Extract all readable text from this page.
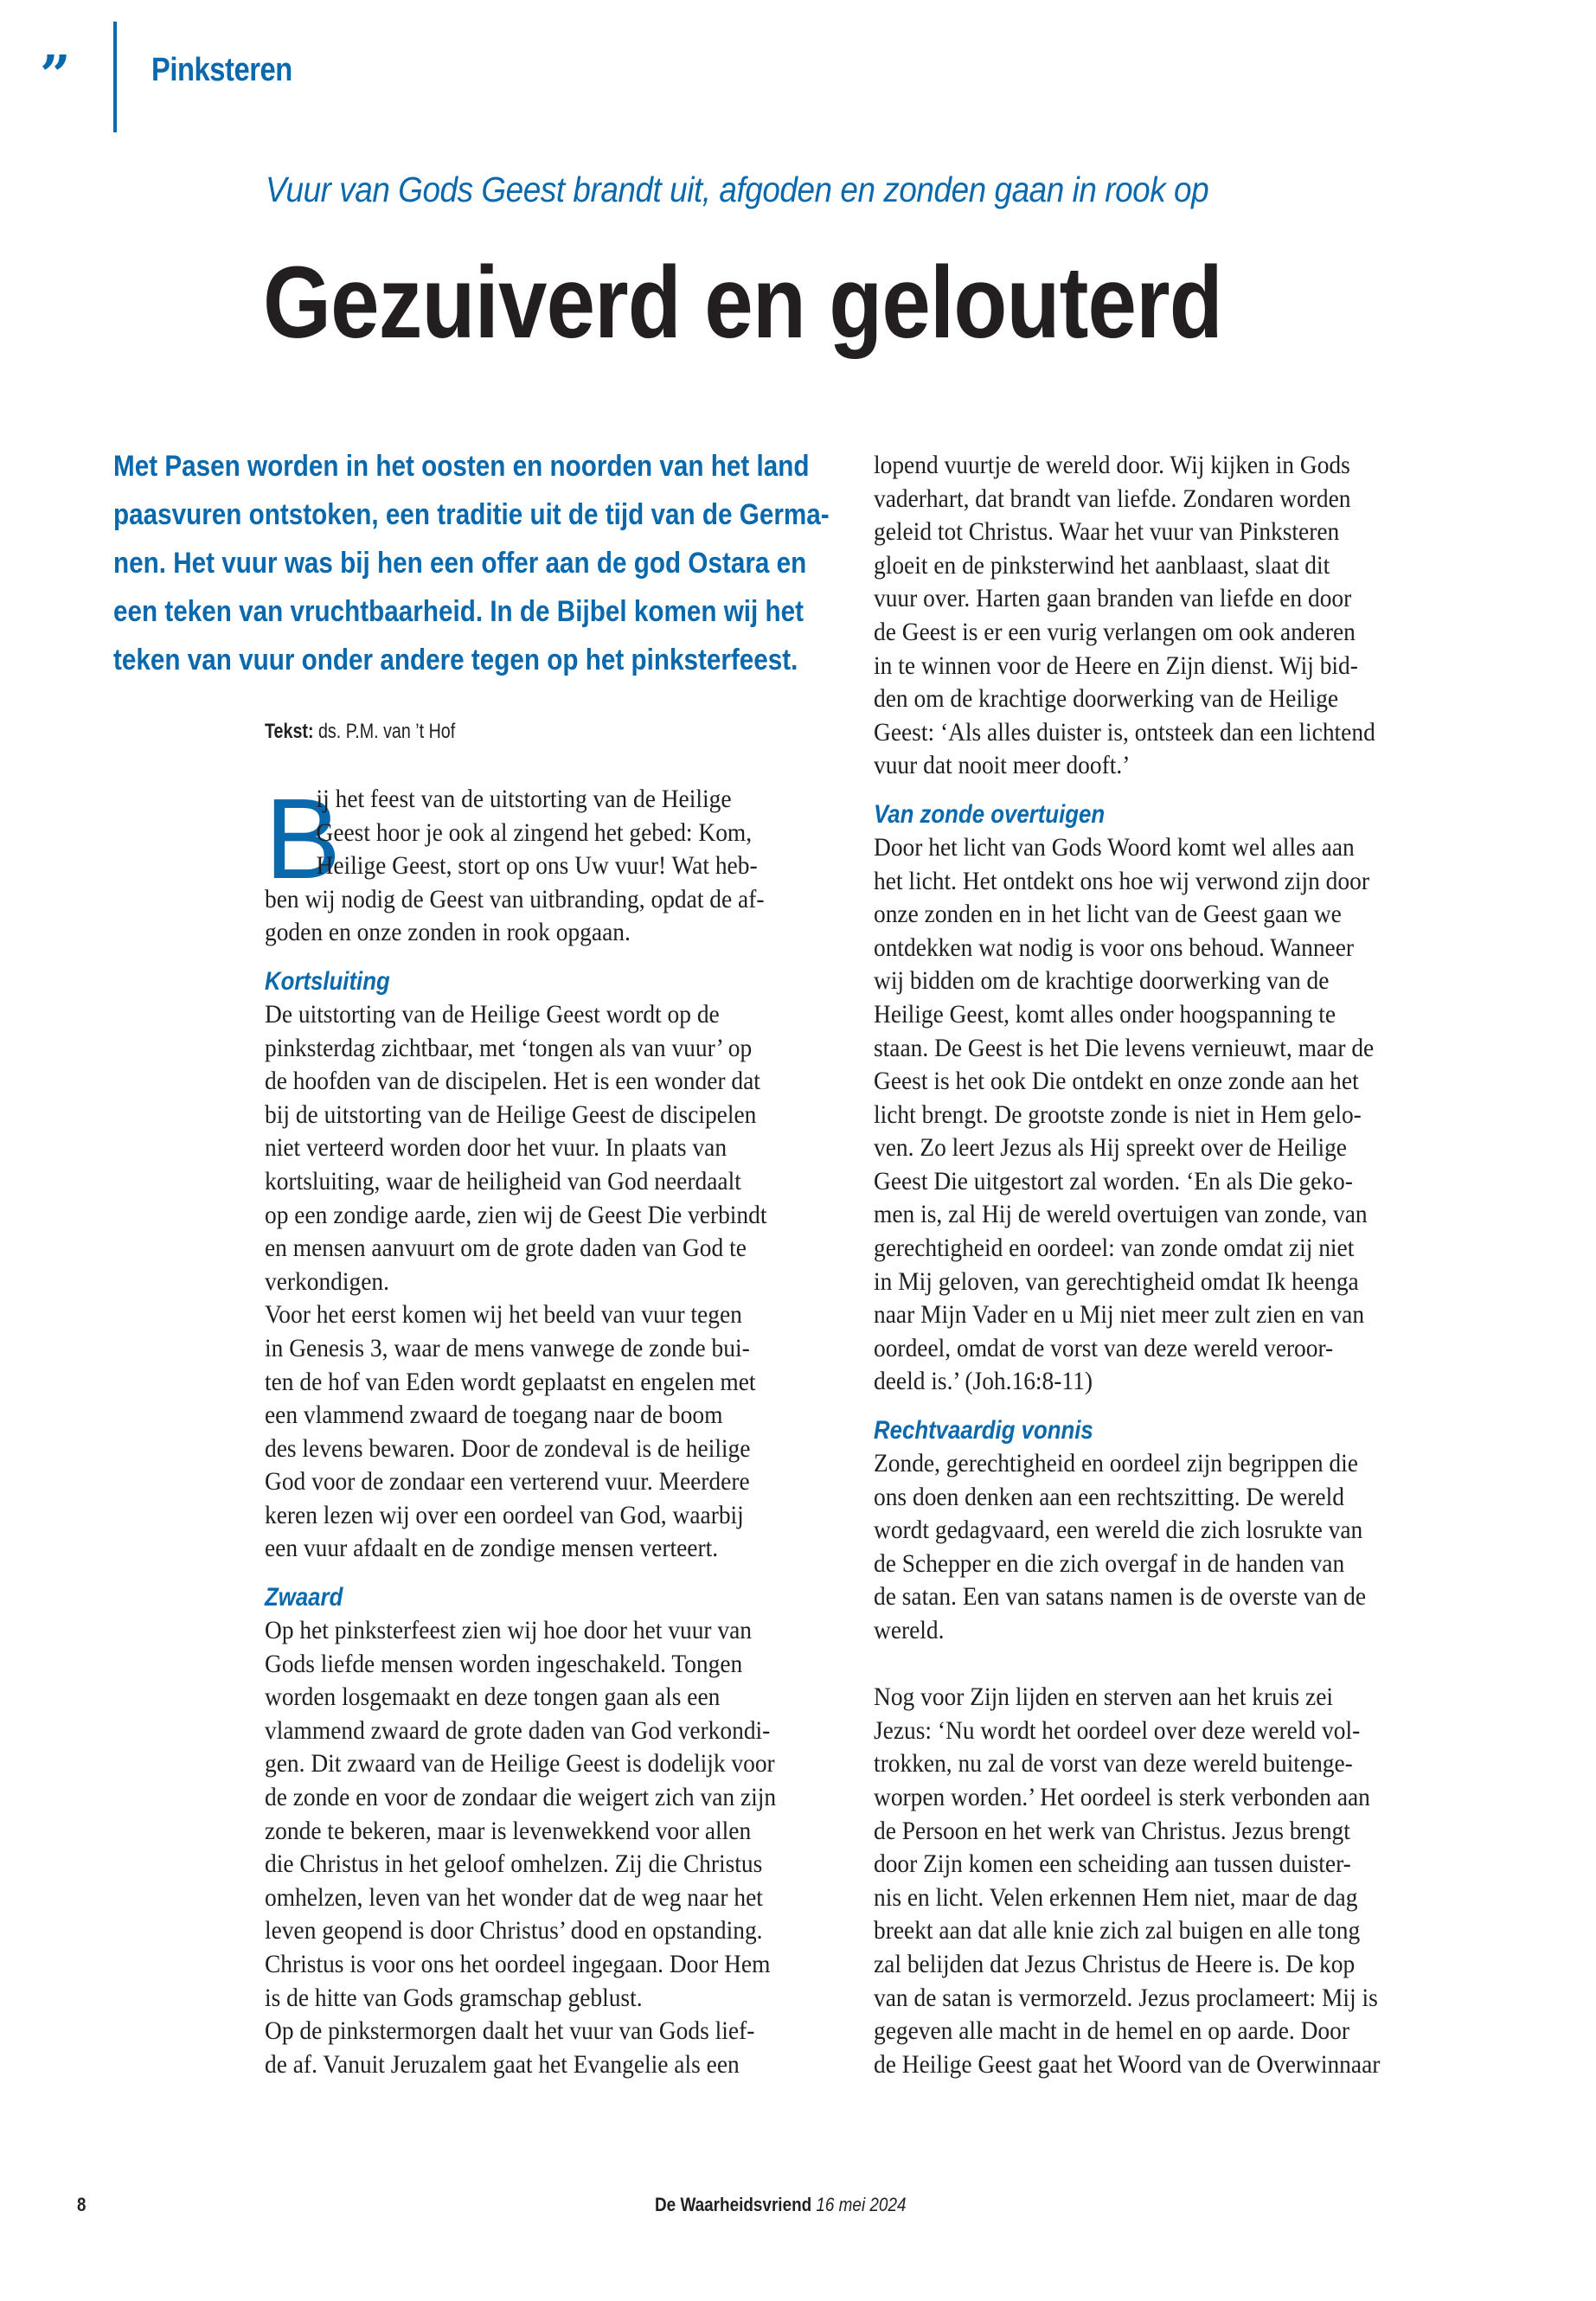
”	Pinksteren
Vuur van Gods Geest brandt uit, afgoden en zonden gaan in rook op
Gezuiverd en gelouterd
Met Pasen worden in het oosten en noorden van het land
paasvuren ontstoken, een traditie uit de tijd van de Germa-
nen. Het vuur was bij hen een offer aan de god Ostara en
een teken van vruchtbaarheid. In de Bijbel komen wij het
teken van vuur onder andere tegen op het pinksterfeest.
Tekst: ds. P.M. van ’t Hof
B
ij het feest van de uitstorting van de Heilige
Geest hoor je ook al zingend het gebed: Kom,
Heilige Geest, stort op ons Uw vuur! Wat heb-
ben wij nodig de Geest van uitbranding, opdat de af-
goden en onze zonden in rook opgaan.
Kortsluiting
De uitstorting van de Heilige Geest wordt op de
pinksterdag zichtbaar, met ‘tongen als van vuur’ op
de hoofden van de discipelen. Het is een wonder dat
bij de uitstorting van de Heilige Geest de discipelen
niet verteerd worden door het vuur. In plaats van
kortsluiting, waar de heiligheid van God neerdaalt
op een zondige aarde, zien wij de Geest Die verbindt
en mensen aanvuurt om de grote daden van God te
verkondigen.
Voor het eerst komen wij het beeld van vuur tegen
in Genesis 3, waar de mens vanwege de zonde bui-
ten de hof van Eden wordt geplaatst en engelen met
een vlammend zwaard de toegang naar de boom
des levens bewaren. Door de zondeval is de heilige
God voor de zondaar een verterend vuur. Meerdere
keren lezen wij over een oordeel van God, waarbij
een vuur afdaalt en de zondige mensen verteert.
Zwaard
Op het pinksterfeest zien wij hoe door het vuur van
Gods liefde mensen worden ingeschakeld. Tongen
worden losgemaakt en deze tongen gaan als een
vlammend zwaard de grote daden van God verkondi-
gen. Dit zwaard van de Heilige Geest is dodelijk voor
de zonde en voor de zondaar die weigert zich van zijn
zonde te bekeren, maar is levenwekkend voor allen
die Christus in het geloof omhelzen. Zij die Christus
omhelzen, leven van het wonder dat de weg naar het
leven geopend is door Christus’ dood en opstanding.
Christus is voor ons het oordeel ingegaan. Door Hem
is de hitte van Gods gramschap geblust.
Op de pinkstermorgen daalt het vuur van Gods lief-
de af. Vanuit Jeruzalem gaat het Evangelie als een
lopend vuurtje de wereld door. Wij kijken in Gods
vaderhart, dat brandt van liefde. Zondaren worden
geleid tot Christus. Waar het vuur van Pinksteren
gloeit en de pinksterwind het aanblaast, slaat dit
vuur over. Harten gaan branden van liefde en door
de Geest is er een vurig verlangen om ook anderen
in te winnen voor de Heere en Zijn dienst. Wij bid-
den om de krachtige doorwerking van de Heilige
Geest: ‘Als alles duister is, ontsteek dan een lichtend
vuur dat nooit meer dooft.’
Van zonde overtuigen
Door het licht van Gods Woord komt wel alles aan
het licht. Het ontdekt ons hoe wij verwond zijn door
onze zonden en in het licht van de Geest gaan we
ontdekken wat nodig is voor ons behoud. Wanneer
wij bidden om de krachtige doorwerking van de
Heilige Geest, komt alles onder hoogspanning te
staan. De Geest is het Die levens vernieuwt, maar de
Geest is het ook Die ontdekt en onze zonde aan het
licht brengt. De grootste zonde is niet in Hem gelo-
ven. Zo leert Jezus als Hij spreekt over de Heilige
Geest Die uitgestort zal worden. ‘En als Die geko-
men is, zal Hij de wereld overtuigen van zonde, van
gerechtigheid en oordeel: van zonde omdat zij niet
in Mij geloven, van gerechtigheid omdat Ik heenga
naar Mijn Vader en u Mij niet meer zult zien en van
oordeel, omdat de vorst van deze wereld veroor-
deeld is.’ (Joh.16:8-11)
Rechtvaardig vonnis
Zonde, gerechtigheid en oordeel zijn begrippen die
ons doen denken aan een rechtszitting. De wereld
wordt gedagvaard, een wereld die zich losrukte van
de Schepper en die zich overgaf in de handen van
de satan. Een van satans namen is de overste van de
wereld.
Nog voor Zijn lijden en sterven aan het kruis zei
Jezus: ‘Nu wordt het oordeel over deze wereld vol-
trokken, nu zal de vorst van deze wereld buitenge-
worpen worden.’ Het oordeel is sterk verbonden aan
de Persoon en het werk van Christus. Jezus brengt
door Zijn komen een scheiding aan tussen duister-
nis en licht. Velen erkennen Hem niet, maar de dag
breekt aan dat alle knie zich zal buigen en alle tong
zal belijden dat Jezus Christus de Heere is. De kop
van de satan is vermorzeld. Jezus proclameert: Mij is
gegeven alle macht in de hemel en op aarde. Door
de Heilige Geest gaat het Woord van de Overwinnaar
8	De Waarheidsvriend 16 mei 2024
